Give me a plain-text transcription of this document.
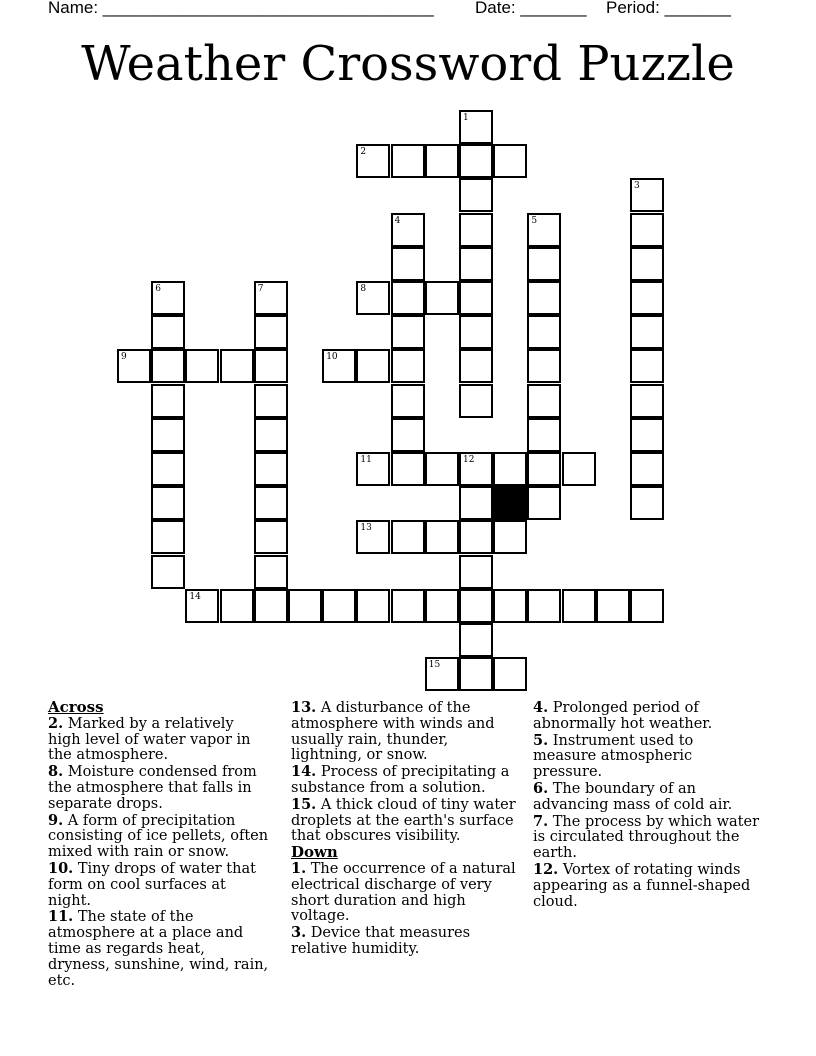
Name: ___________________________________ Date: _______ Period: _______
Weather Crossword Puzzle
1
2
3
4	5
6	7	8
9	10
11	12
13
14
15
Across
2. Marked by a relatively high level of water vapor in the atmosphere.
8. Moisture condensed from the atmosphere that falls in separate drops.
9. A form of precipitation consisting of ice pellets, often mixed with rain or snow.
10. Tiny drops of water that form on cool surfaces at night.
11. The state of the atmosphere at a place and time as regards heat, dryness, sunshine, wind, rain, etc.
13. A disturbance of the atmosphere with winds and usually rain, thunder, lightning, or snow.
14. Process of precipitating a substance from a solution.
15. A thick cloud of tiny water droplets at the earth's surface that obscures visibility.
Down
1. The occurrence of a natural electrical discharge of very short duration and high voltage.
3. Device that measures relative humidity.
4. Prolonged period of abnormally hot weather.
5. Instrument used to measure atmospheric pressure.
6. The boundary of an advancing mass of cold air.
7. The process by which water is circulated throughout the earth.
12. Vortex of rotating winds appearing as a funnel-shaped cloud.
